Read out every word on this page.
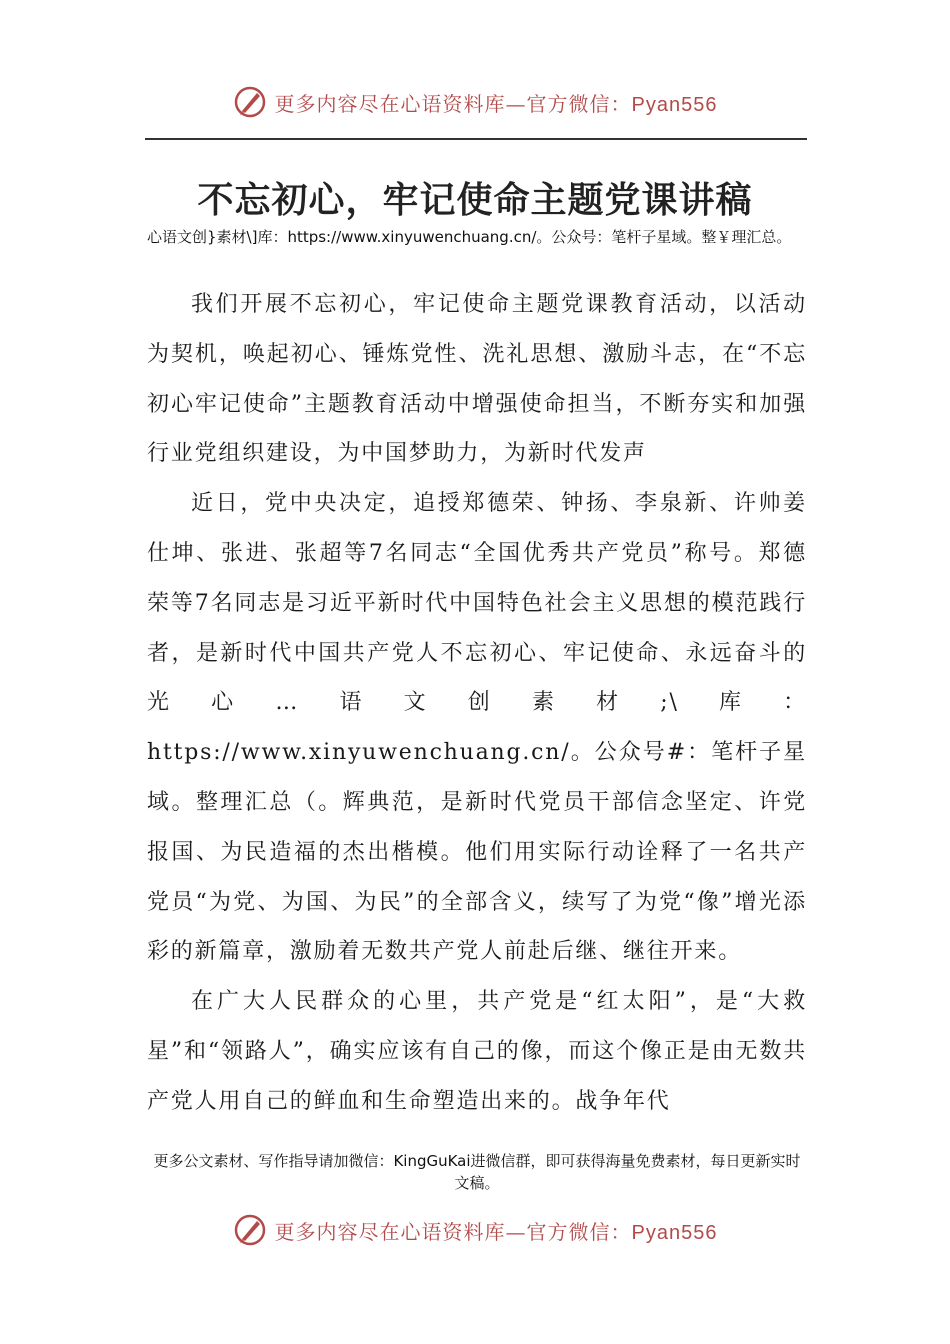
更多内容尽在心语资料库—官方微信：Pyan556
不忘初心，牢记使命主题党课讲稿
心语文创}素材\]库：https://www.xinyuwenchuang.cn/。公众号：笔杆子星域。整￥理汇总。

我们开展不忘初心，牢记使命主题党课教育活动，以活动为契机，唤起初心、锤炼党性、洗礼思想、激励斗志，在“不忘初心牢记使命”主题教育活动中增强使命担当，不断夯实和加强行业党组织建设，为中国梦助力，为新时代发声

近日，党中央决定，追授郑德荣、钟扬、李泉新、许帅姜仕坤、张进、张超等7名同志“全国优秀共产党员”称号。郑德荣等7名同志是习近平新时代中国特色社会主义思想的模范践行者，是新时代中国共产党人不忘初心、牢记使命、永远奋斗的光心…语文创素材;\库：https://www.xinyuwenchuang.cn/。公众号#：笔杆子星域。整理汇总（。辉典范，是新时代党员干部信念坚定、许党报国、为民造福的杰出楷模。他们用实际行动诠释了一名共产党员“为党、为国、为民”的全部含义，续写了为党“像”增光添彩的新篇章，激励着无数共产党人前赴后继、继往开来。

在广大人民群众的心里，共产党是“红太阳”，是“大救星”和“领路人”，确实应该有自己的像，而这个像正是由无数共产党人用自己的鲜血和生命塑造出来的。战争年代

更多公文素材、写作指导请加微信：KingGuKai进微信群，即可获得海量免费素材，每日更新实时文稿。
更多内容尽在心语资料库—官方微信：Pyan556
